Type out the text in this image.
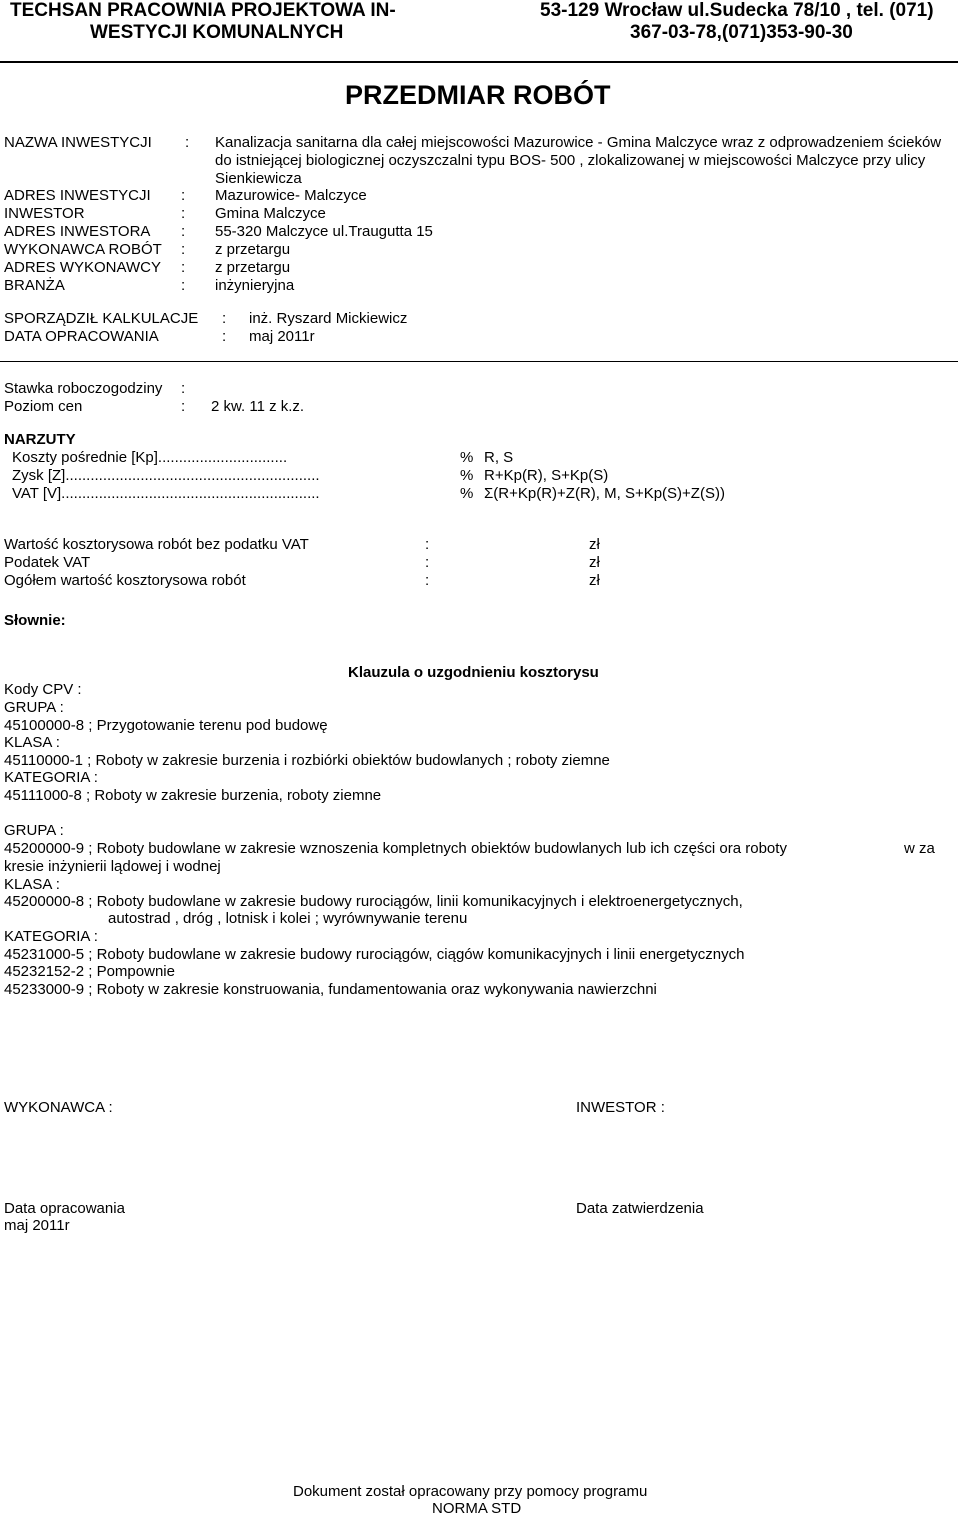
TECHSAN PRACOWNIA PROJEKTOWA IN-
WESTYCJI KOMUNALNYCH
53-129 Wrocław ul.Sudecka 78/10 , tel. (071)
367-03-78,(071)353-90-30
PRZEDMIAR ROBÓT
NAZWA INWESTYCJI : Kanalizacja sanitarna dla całej miejscowości Mazurowice - Gmina Malczyce wraz z odprowadzeniem ścieków do istniejącej biologicznej oczyszczalni typu BOS- 500 , zlokalizowanej w miejscowości Malczyce przy ulicy Sienkiewicza
ADRES INWESTYCJI : Mazurowice- Malczyce
INWESTOR	: Gmina Malczyce
ADRES INWESTORA : 55-320 Malczyce ul.Traugutta 15
WYKONAWCA ROBÓT : z przetargu
ADRES WYKONAWCY : z przetargu
BRANŻA	: inżynieryjna
SPORZĄDZIŁ KALKULACJE : inż. Ryszard Mickiewicz
DATA OPRACOWANIA	: maj 2011r
Stawka roboczogodziny :
Poziom cen	: 2 kw. 11 z k.z.
NARZUTY
Koszty pośrednie [Kp]...............................	% R, S
Zysk [Z].............................................................	% R+Kp(R), S+Kp(S)
VAT [V]..............................................................	% Σ(R+Kp(R)+Z(R), M, S+Kp(S)+Z(S))
Wartość kosztorysowa robót bez podatku VAT	:	zł
Podatek VAT	:	zł
Ogółem wartość kosztorysowa robót	:	zł
Słownie:
Klauzula o uzgodnieniu kosztorysu
Kody CPV :
GRUPA :
45100000-8 ; Przygotowanie terenu pod budowę
KLASA :
45110000-1 ; Roboty w zakresie burzenia i rozbiórki obiektów budowlanych ; roboty ziemne
KATEGORIA :
45111000-8 ; Roboty w zakresie burzenia, roboty ziemne
GRUPA :
45200000-9 ; Roboty budowlane w zakresie wznoszenia kompletnych obiektów budowlanych lub ich części ora roboty	w za
kresie inżynierii lądowej i wodnej
KLASA :
45200000-8 ; Roboty budowlane w zakresie budowy rurociągów, linii komunikacyjnych i elektroenergetycznych,
autostrad , dróg , lotnisk i kolei ; wyrównywanie terenu
KATEGORIA :
45231000-5 ; Roboty budowlane w zakresie budowy rurociągów, ciągów komunikacyjnych i linii energetycznych
45232152-2 ; Pompownie
45233000-9 ; Roboty w zakresie konstruowania, fundamentowania oraz wykonywania nawierzchni
WYKONAWCA :	INWESTOR :
Data opracowania
maj 2011r
Data zatwierdzenia
Dokument został opracowany przy pomocy programu
NORMA STD
